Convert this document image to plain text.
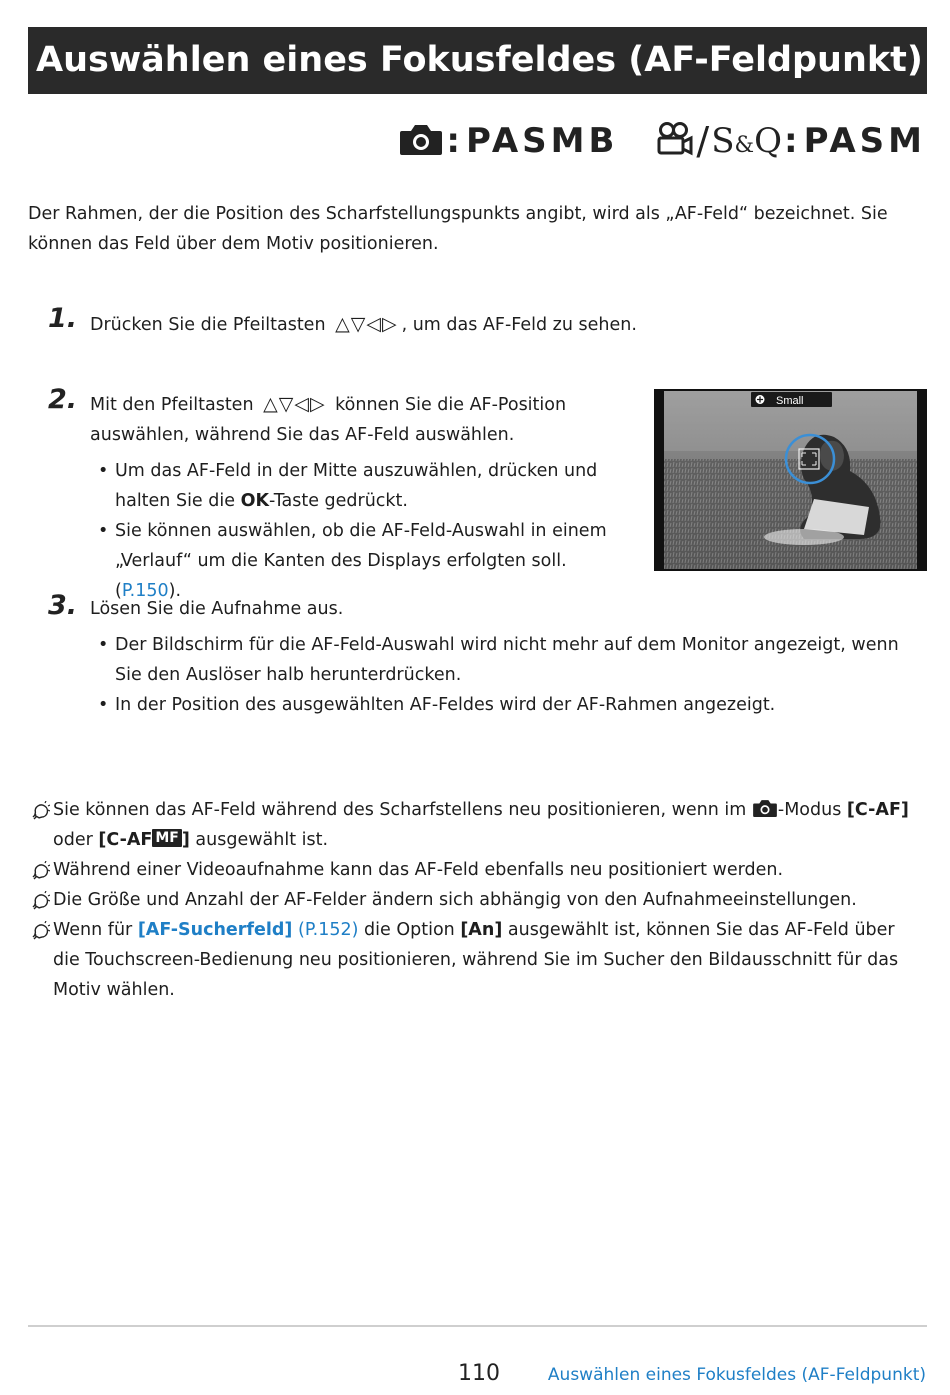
Auswählen eines Fokusfeldes (AF-Feldpunkt)
: PASMB / S&Q : PASM
Der Rahmen, der die Position des Scharfstellungspunkts angibt, wird als „AF-Feld“ bezeichnet. Sie können das Feld über dem Motiv positionieren.
1. Drücken Sie die Pfeiltasten △▽◁▷ , um das AF-Feld zu sehen.
2. Mit den Pfeiltasten △▽◁▷ können Sie die AF-Position
auswählen, während Sie das AF-Feld auswählen.
• Um das AF-Feld in der Mitte auszuwählen, drücken und halten Sie die OK-Taste gedrückt.
• Sie können auswählen, ob die AF-Feld-Auswahl in einem „Verlauf“ um die Kanten des Displays erfolgten soll. (P.150).
Small
3. Lösen Sie die Aufnahme aus.
• Der Bildschirm für die AF-Feld-Auswahl wird nicht mehr auf dem Monitor angezeigt, wenn Sie den Auslöser halb herunterdrücken.
• In der Position des ausgewählten AF-Feldes wird der AF-Rahmen angezeigt.
Sie können das AF-Feld während des Scharfstellens neu positionieren, wenn im -Modus [C-AF]
oder [C-AF MF ] ausgewählt ist.
Während einer Videoaufnahme kann das AF-Feld ebenfalls neu positioniert werden.
Die Größe und Anzahl der AF-Felder ändern sich abhängig von den Aufnahmeeinstellungen.
Wenn für [AF-Sucherfeld] (P.152) die Option [An] ausgewählt ist, können Sie das AF-Feld über die Touchscreen-Bedienung neu positionieren, während Sie im Sucher den Bildausschnitt für das Motiv wählen.
110	Auswählen eines Fokusfeldes (AF-Feldpunkt)
